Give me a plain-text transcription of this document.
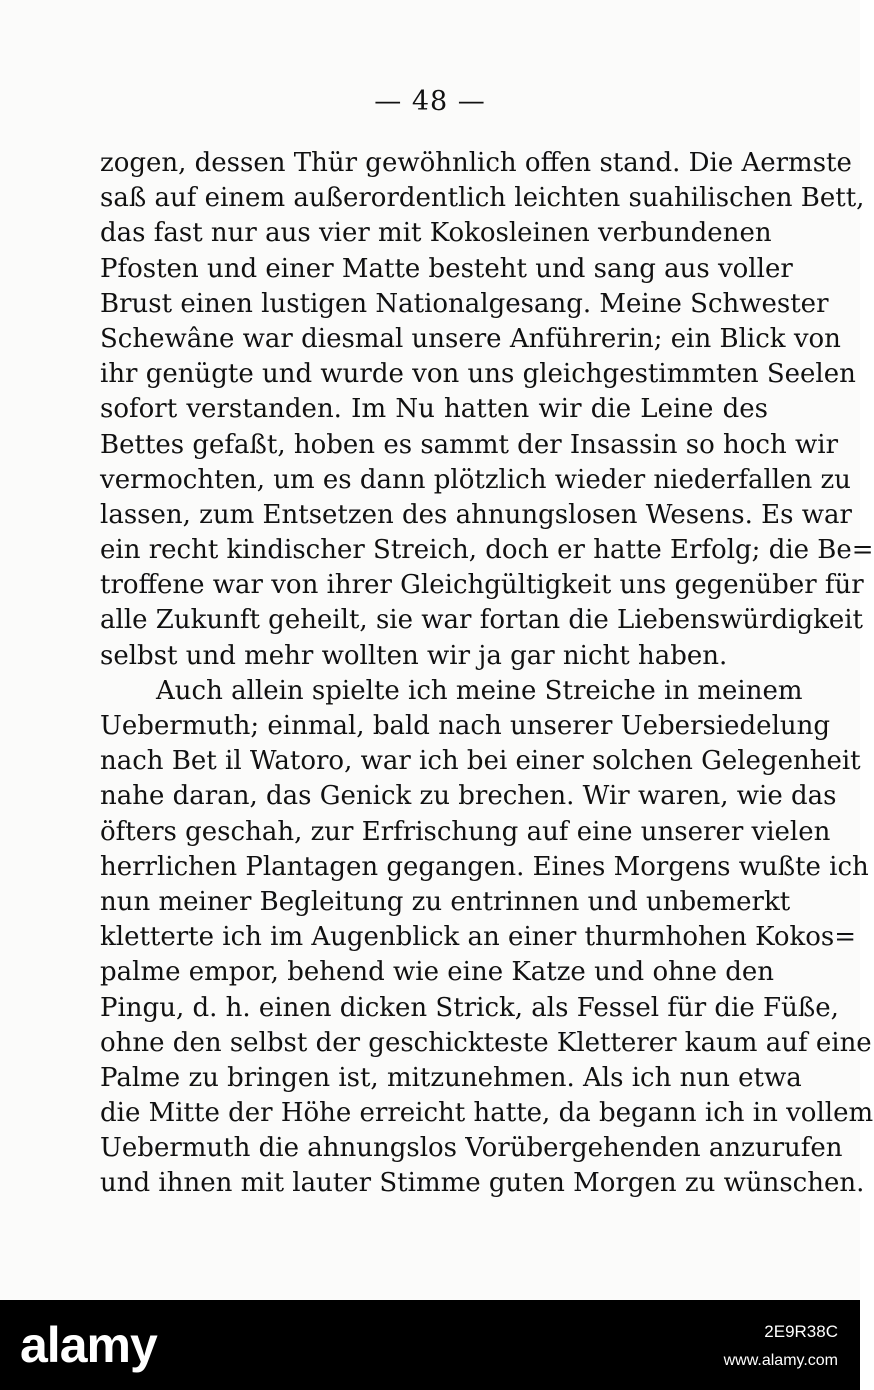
— 48 —
zogen, dessen Thür gewöhnlich offen stand. Die Aermste
saß auf einem außerordentlich leichten suahilischen Bett,
das fast nur aus vier mit Kokosleinen verbundenen
Pfosten und einer Matte besteht und sang aus voller
Brust einen lustigen Nationalgesang. Meine Schwester
Schewâne war diesmal unsere Anführerin; ein Blick von
ihr genügte und wurde von uns gleichgestimmten Seelen
sofort verstanden. Im Nu hatten wir die Leine des
Bettes gefaßt, hoben es sammt der Insassin so hoch wir
vermochten, um es dann plötzlich wieder niederfallen zu
lassen, zum Entsetzen des ahnungslosen Wesens. Es war
ein recht kindischer Streich, doch er hatte Erfolg; die Be=
troffene war von ihrer Gleichgültigkeit uns gegenüber für
alle Zukunft geheilt, sie war fortan die Liebenswürdigkeit
selbst und mehr wollten wir ja gar nicht haben.
Auch allein spielte ich meine Streiche in meinem
Uebermuth; einmal, bald nach unserer Uebersiedelung
nach Bet il Watoro, war ich bei einer solchen Gelegenheit
nahe daran, das Genick zu brechen. Wir waren, wie das
öfters geschah, zur Erfrischung auf eine unserer vielen
herrlichen Plantagen gegangen. Eines Morgens wußte ich
nun meiner Begleitung zu entrinnen und unbemerkt
kletterte ich im Augenblick an einer thurmhohen Kokos=
palme empor, behend wie eine Katze und ohne den
Pingu, d. h. einen dicken Strick, als Fessel für die Füße,
ohne den selbst der geschickteste Kletterer kaum auf eine
Palme zu bringen ist, mitzunehmen. Als ich nun etwa
die Mitte der Höhe erreicht hatte, da begann ich in vollem
Uebermuth die ahnungslos Vorübergehenden anzurufen
und ihnen mit lauter Stimme guten Morgen zu wünschen.
alamy	2E9R38C
www.alamy.com
